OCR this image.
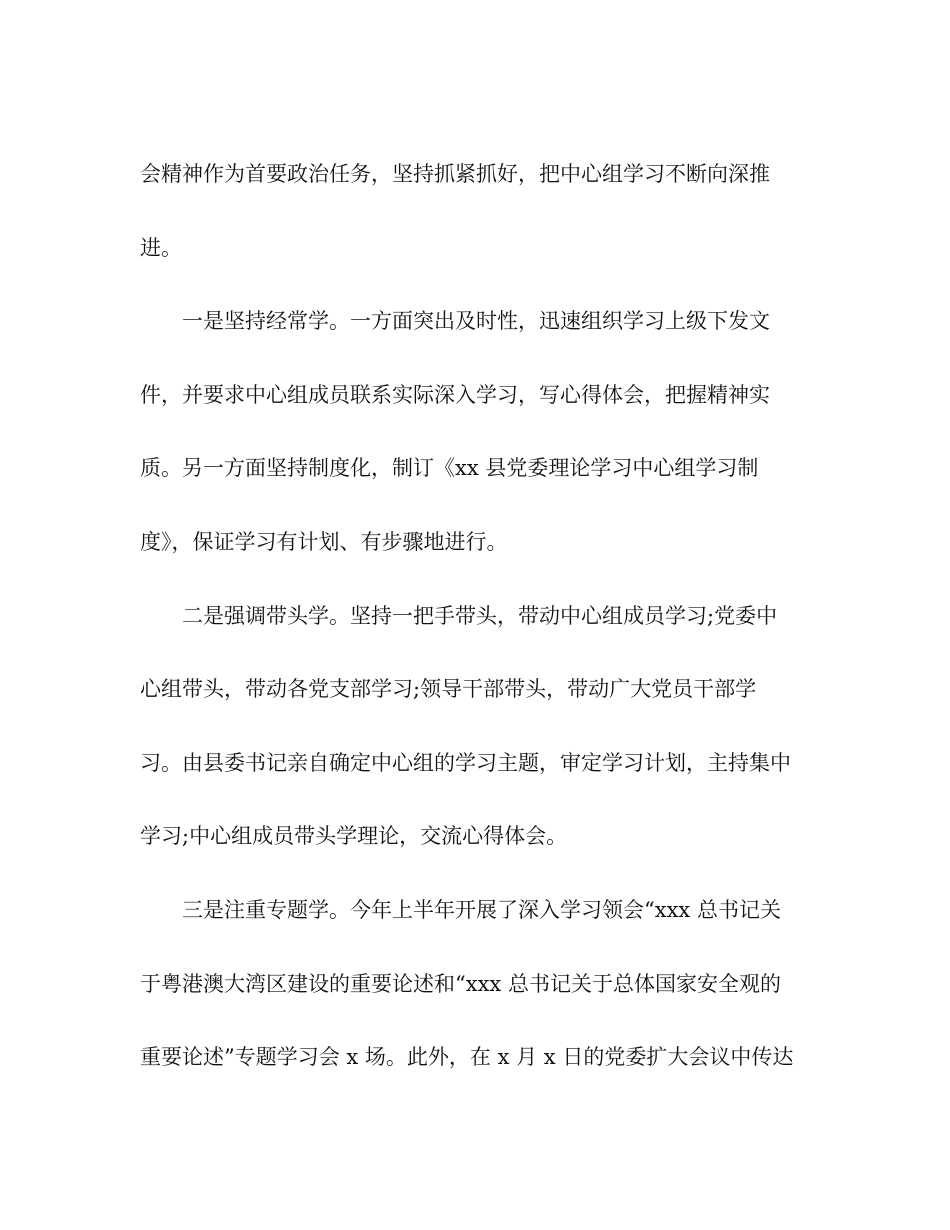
会精神作为首要政治任务，坚持抓紧抓好，把中心组学习不断向深推
进。
一是坚持经常学。一方面突出及时性，迅速组织学习上级下发文
件，并要求中心组成员联系实际深入学习，写心得体会，把握精神实
质。另一方面坚持制度化，制订《xx 县党委理论学习中心组学习制
度》，保证学习有计划、有步骤地进行。
二是强调带头学。坚持一把手带头，带动中心组成员学习;党委中
心组带头，带动各党支部学习;领导干部带头，带动广大党员干部学
习。由县委书记亲自确定中心组的学习主题，审定学习计划，主持集中
学习;中心组成员带头学理论，交流心得体会。
三是注重专题学。今年上半年开展了深入学习领会“xxx 总书记关
于粤港澳大湾区建设的重要论述和“xxx 总书记关于总体国家安全观的
重要论述”专题学习会 x 场。此外，在 x 月 x 日的党委扩大会议中传达
